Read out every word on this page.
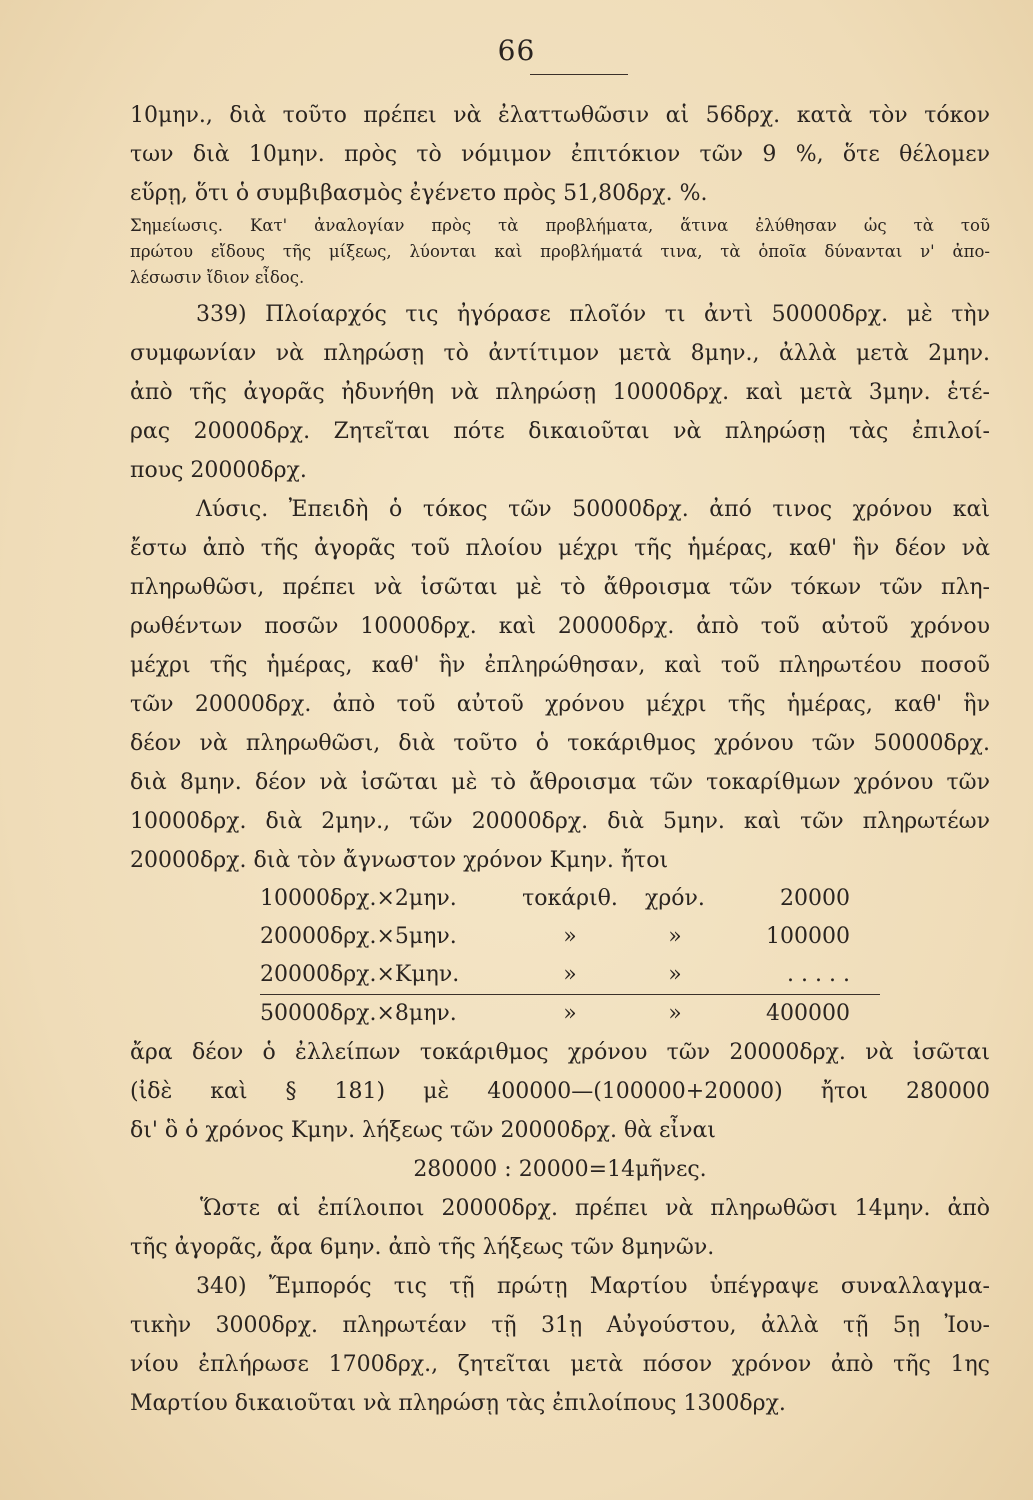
66
10μην., διὰ τοῦτο πρέπει νὰ ἐλαττωθῶσιν αἱ 56δρχ. κατὰ τὸν τόκον
των διὰ 10μην. πρὸς τὸ νόμιμον ἐπιτόκιον τῶν 9 %, ὅτε θέλομεν
εὕρῃ, ὅτι ὁ συμβιβασμὸς ἐγένετο πρὸς 51,80δρχ. %.
Σημείωσις. Κατ' ἀναλογίαν πρὸς τὰ προβλήματα, ἅτινα ἐλύθησαν ὡς τὰ τοῦ
πρώτου εἴδους τῆς μίξεως, λύονται καὶ προβλήματά τινα, τὰ ὁποῖα δύνανται ν' ἀπο-
λέσωσιν ἴδιον εἶδος.
339) Πλοίαρχός τις ἠγόρασε πλοῖόν τι ἀντὶ 50000δρχ. μὲ τὴν
συμφωνίαν νὰ πληρώσῃ τὸ ἀντίτιμον μετὰ 8μην., ἀλλὰ μετὰ 2μην.
ἀπὸ τῆς ἀγορᾶς ἠδυνήθη νὰ πληρώσῃ 10000δρχ. καὶ μετὰ 3μην. ἑτέ-
ρας 20000δρχ. Ζητεῖται πότε δικαιοῦται νὰ πληρώσῃ τὰς ἐπιλοί-
πους 20000δρχ.
Λύσις. Ἐπειδὴ ὁ τόκος τῶν 50000δρχ. ἀπό τινος χρόνου καὶ
ἔστω ἀπὸ τῆς ἀγορᾶς τοῦ πλοίου μέχρι τῆς ἡμέρας, καθ' ἣν δέον νὰ
πληρωθῶσι, πρέπει νὰ ἰσῶται μὲ τὸ ἄθροισμα τῶν τόκων τῶν πλη-
ρωθέντων ποσῶν 10000δρχ. καὶ 20000δρχ. ἀπὸ τοῦ αὐτοῦ χρόνου
μέχρι τῆς ἡμέρας, καθ' ἣν ἐπληρώθησαν, καὶ τοῦ πληρωτέου ποσοῦ
τῶν 20000δρχ. ἀπὸ τοῦ αὐτοῦ χρόνου μέχρι τῆς ἡμέρας, καθ' ἣν
δέον νὰ πληρωθῶσι, διὰ τοῦτο ὁ τοκάριθμος χρόνου τῶν 50000δρχ.
διὰ 8μην. δέον νὰ ἰσῶται μὲ τὸ ἄθροισμα τῶν τοκαρίθμων χρόνου τῶν
10000δρχ. διὰ 2μην., τῶν 20000δρχ. διὰ 5μην. καὶ τῶν πληρωτέων
20000δρχ. διὰ τὸν ἄγνωστον χρόνον Κμην. ἤτοι
10000δρχ.×2μην.	τοκάριθ.	χρόν.	20000
20000δρχ.×5μην.	»	»	100000
20000δρχ.×Κμην.	»	»	. . . . .
50000δρχ.×8μην.	»	»	400000
ἄρα δέον ὁ ἐλλείπων τοκάριθμος χρόνου τῶν 20000δρχ. νὰ ἰσῶται
(ἰδὲ καὶ § 181) μὲ 400000—(100000+20000) ἤτοι 280000
δι' ὃ ὁ χρόνος Κμην. λήξεως τῶν 20000δρχ. θὰ εἶναι
280000 : 20000=14μῆνες.
Ὥστε αἱ ἐπίλοιποι 20000δρχ. πρέπει νὰ πληρωθῶσι 14μην. ἀπὸ
τῆς ἀγορᾶς, ἄρα 6μην. ἀπὸ τῆς λήξεως τῶν 8μηνῶν.
340) Ἔμπορός τις τῇ πρώτῃ Μαρτίου ὑπέγραψε συναλλαγμα-
τικὴν 3000δρχ. πληρωτέαν τῇ 31ῃ Αὐγούστου, ἀλλὰ τῇ 5ῃ Ἰου-
νίου ἐπλήρωσε 1700δρχ., ζητεῖται μετὰ πόσον χρόνον ἀπὸ τῆς 1ης
Μαρτίου δικαιοῦται νὰ πληρώσῃ τὰς ἐπιλοίπους 1300δρχ.
